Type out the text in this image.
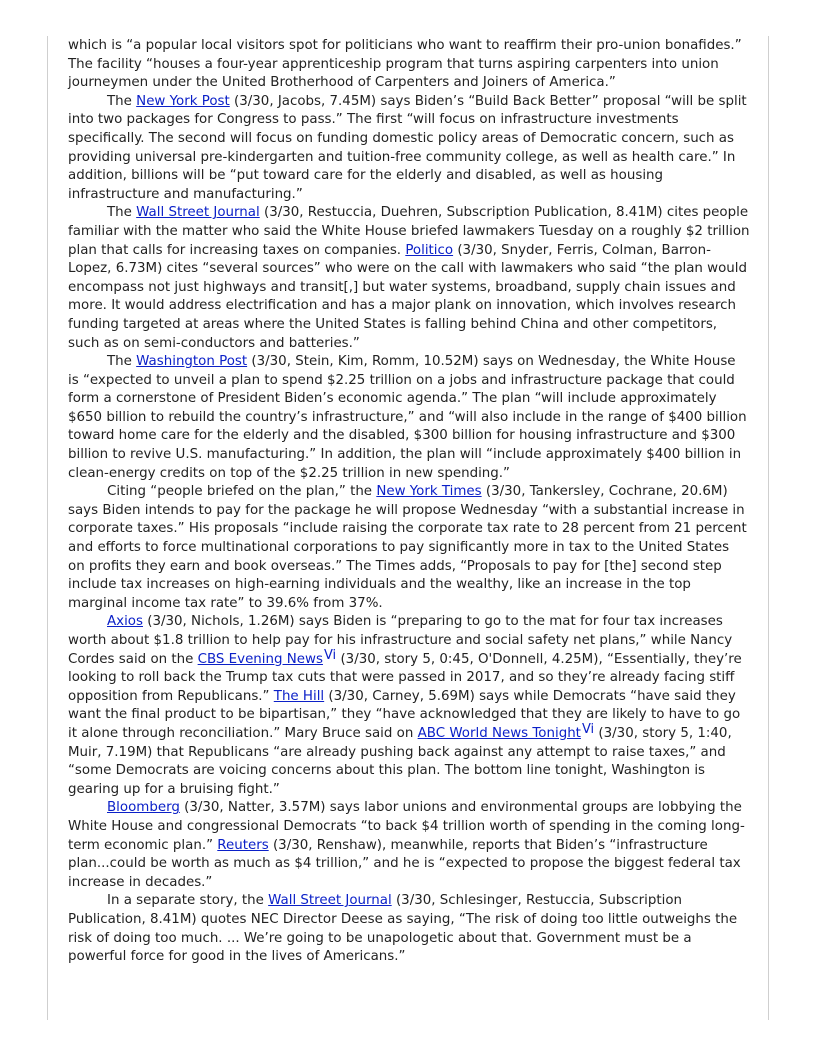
which is “a popular local visitors spot for politicians who want to reaffirm their pro-union bonafides.” The facility “houses a four-year apprenticeship program that turns aspiring carpenters into union journeymen under the United Brotherhood of Carpenters and Joiners of America.”

The New York Post (3/30, Jacobs, 7.45M) says Biden’s “Build Back Better” proposal “will be split into two packages for Congress to pass.” The first “will focus on infrastructure investments specifically. The second will focus on funding domestic policy areas of Democratic concern, such as providing universal pre-kindergarten and tuition-free community college, as well as health care.” In addition, billions will be “put toward care for the elderly and disabled, as well as housing infrastructure and manufacturing.”

The Wall Street Journal (3/30, Restuccia, Duehren, Subscription Publication, 8.41M) cites people familiar with the matter who said the White House briefed lawmakers Tuesday on a roughly $2 trillion plan that calls for increasing taxes on companies. Politico (3/30, Snyder, Ferris, Colman, Barron-Lopez, 6.73M) cites “several sources” who were on the call with lawmakers who said “the plan would encompass not just highways and transit[,] but water systems, broadband, supply chain issues and more. It would address electrification and has a major plank on innovation, which involves research funding targeted at areas where the United States is falling behind China and other competitors, such as on semi-conductors and batteries.”

The Washington Post (3/30, Stein, Kim, Romm, 10.52M) says on Wednesday, the White House is “expected to unveil a plan to spend $2.25 trillion on a jobs and infrastructure package that could form a cornerstone of President Biden’s economic agenda.” The plan “will include approximately $650 billion to rebuild the country’s infrastructure,” and “will also include in the range of $400 billion toward home care for the elderly and the disabled, $300 billion for housing infrastructure and $300 billion to revive U.S. manufacturing.” In addition, the plan will “include approximately $400 billion in clean-energy credits on top of the $2.25 trillion in new spending.”

Citing “people briefed on the plan,” the New York Times (3/30, Tankersley, Cochrane, 20.6M) says Biden intends to pay for the package he will propose Wednesday “with a substantial increase in corporate taxes.” His proposals “include raising the corporate tax rate to 28 percent from 21 percent and efforts to force multinational corporations to pay significantly more in tax to the United States on profits they earn and book overseas.” The Times adds, “Proposals to pay for [the] second step include tax increases on high-earning individuals and the wealthy, like an increase in the top marginal income tax rate” to 39.6% from 37%.

Axios (3/30, Nichols, 1.26M) says Biden is “preparing to go to the mat for four tax increases worth about $1.8 trillion to help pay for his infrastructure and social safety net plans,” while Nancy Cordes said on the CBS Evening NewsVi (3/30, story 5, 0:45, O'Donnell, 4.25M), “Essentially, they’re looking to roll back the Trump tax cuts that were passed in 2017, and so they’re already facing stiff opposition from Republicans.” The Hill (3/30, Carney, 5.69M) says while Democrats “have said they want the final product to be bipartisan,” they “have acknowledged that they are likely to have to go it alone through reconciliation.” Mary Bruce said on ABC World News TonightVi (3/30, story 5, 1:40, Muir, 7.19M) that Republicans “are already pushing back against any attempt to raise taxes,” and “some Democrats are voicing concerns about this plan. The bottom line tonight, Washington is gearing up for a bruising fight.”

Bloomberg (3/30, Natter, 3.57M) says labor unions and environmental groups are lobbying the White House and congressional Democrats “to back $4 trillion worth of spending in the coming long-term economic plan.” Reuters (3/30, Renshaw), meanwhile, reports that Biden’s “infrastructure plan...could be worth as much as $4 trillion,” and he is “expected to propose the biggest federal tax increase in decades.”

In a separate story, the Wall Street Journal (3/30, Schlesinger, Restuccia, Subscription Publication, 8.41M) quotes NEC Director Deese as saying, “The risk of doing too little outweighs the risk of doing too much. ... We’re going to be unapologetic about that. Government must be a powerful force for good in the lives of Americans.”
